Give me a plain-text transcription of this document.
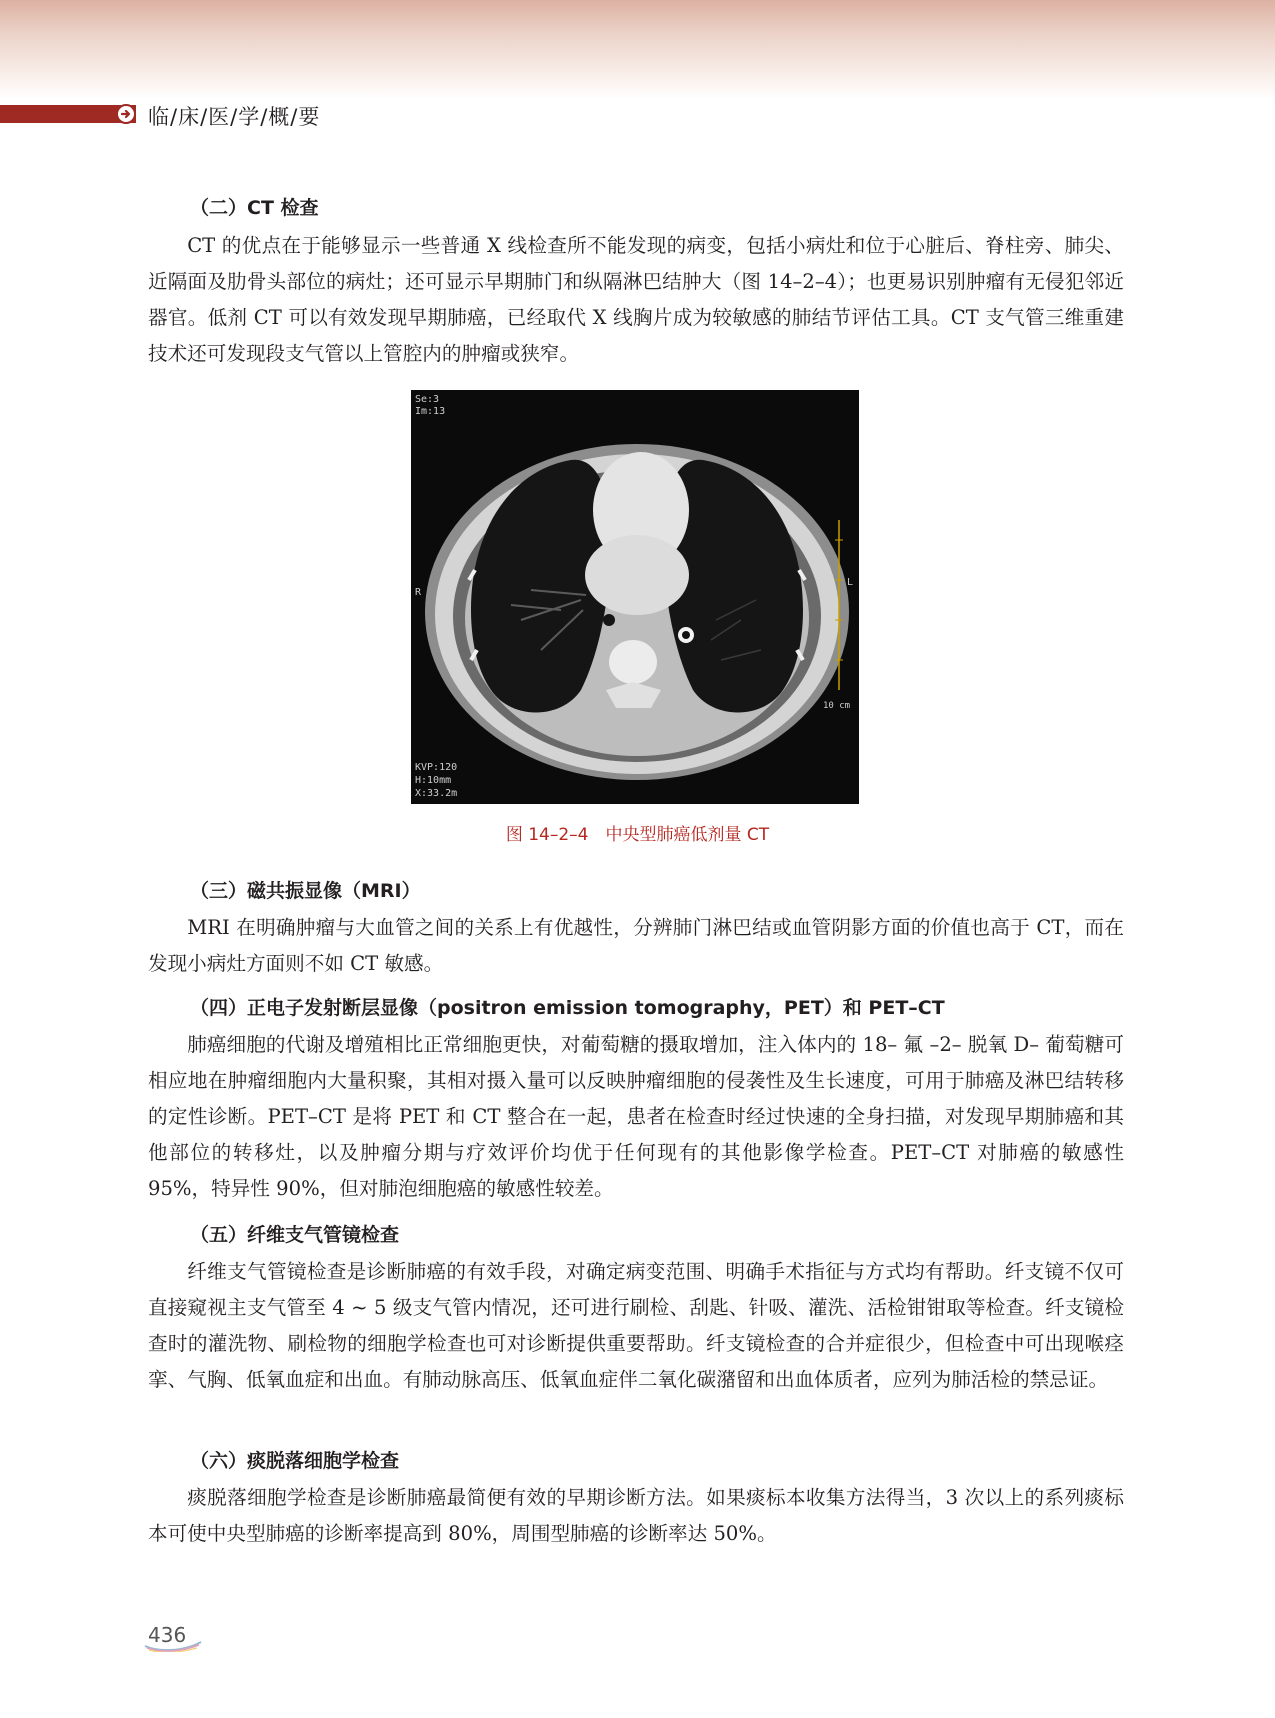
临/床/医/学/概/要
（二）CT 检查
CT 的优点在于能够显示一些普通 X 线检查所不能发现的病变，包括小病灶和位于心脏后、脊柱旁、肺尖、近隔面及肋骨头部位的病灶；还可显示早期肺门和纵隔淋巴结肿大（图 14–2–4）；也更易识别肿瘤有无侵犯邻近器官。低剂 CT 可以有效发现早期肺癌，已经取代 X 线胸片成为较敏感的肺结节评估工具。CT 支气管三维重建技术还可发现段支气管以上管腔内的肿瘤或狭窄。
Se:3
Im:13
R
L
10 cm
KVP:120
H:10mm
X:33.2m
图 14–2–4　中央型肺癌低剂量 CT
（三）磁共振显像（MRI）
MRI 在明确肿瘤与大血管之间的关系上有优越性，分辨肺门淋巴结或血管阴影方面的价值也高于 CT，而在发现小病灶方面则不如 CT 敏感。
（四）正电子发射断层显像（positron emission tomography，PET）和 PET–CT
肺癌细胞的代谢及增殖相比正常细胞更快，对葡萄糖的摄取增加，注入体内的 18– 氟 –2– 脱氧 D– 葡萄糖可相应地在肿瘤细胞内大量积聚，其相对摄入量可以反映肿瘤细胞的侵袭性及生长速度，可用于肺癌及淋巴结转移的定性诊断。PET–CT 是将 PET 和 CT 整合在一起，患者在检查时经过快速的全身扫描，对发现早期肺癌和其他部位的转移灶，以及肿瘤分期与疗效评价均优于任何现有的其他影像学检查。PET–CT 对肺癌的敏感性 95%，特异性 90%，但对肺泡细胞癌的敏感性较差。
（五）纤维支气管镜检查
纤维支气管镜检查是诊断肺癌的有效手段，对确定病变范围、明确手术指征与方式均有帮助。纤支镜不仅可直接窥视主支气管至 4 ~ 5 级支气管内情况，还可进行刷检、刮匙、针吸、灌洗、活检钳钳取等检查。纤支镜检查时的灌洗物、刷检物的细胞学检查也可对诊断提供重要帮助。纤支镜检查的合并症很少，但检查中可出现喉痉挛、气胸、低氧血症和出血。有肺动脉高压、低氧血症伴二氧化碳潴留和出血体质者，应列为肺活检的禁忌证。
（六）痰脱落细胞学检查
痰脱落细胞学检查是诊断肺癌最简便有效的早期诊断方法。如果痰标本收集方法得当，3 次以上的系列痰标本可使中央型肺癌的诊断率提高到 80%，周围型肺癌的诊断率达 50%。
436
